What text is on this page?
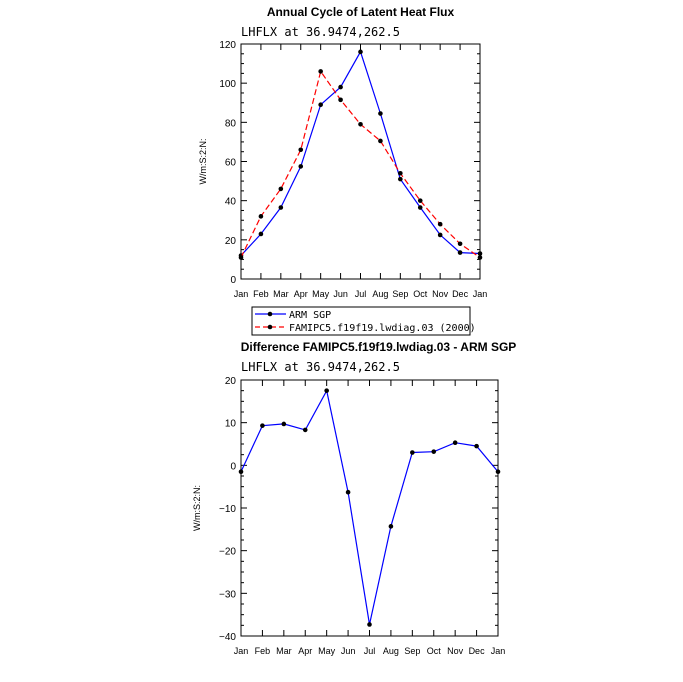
Annual Cycle of Latent Heat Flux
LHFLX at 36.9474,262.5
0
20
40
60
80
100
120
Jan Feb Mar Apr May Jun Jul Aug Sep Oct Nov Dec Jan
W/m:S:2:N:
ARM SGP
FAMIPC5.f19f19.lwdiag.03 (2000)
Difference FAMIPC5.f19f19.lwdiag.03 - ARM SGP
LHFLX at 36.9474,262.5
−40
−30
−20
−10
0
10
20
Jan Feb Mar Apr May Jun Jul Aug Sep Oct Nov Dec Jan
W/m:S:2:N:
